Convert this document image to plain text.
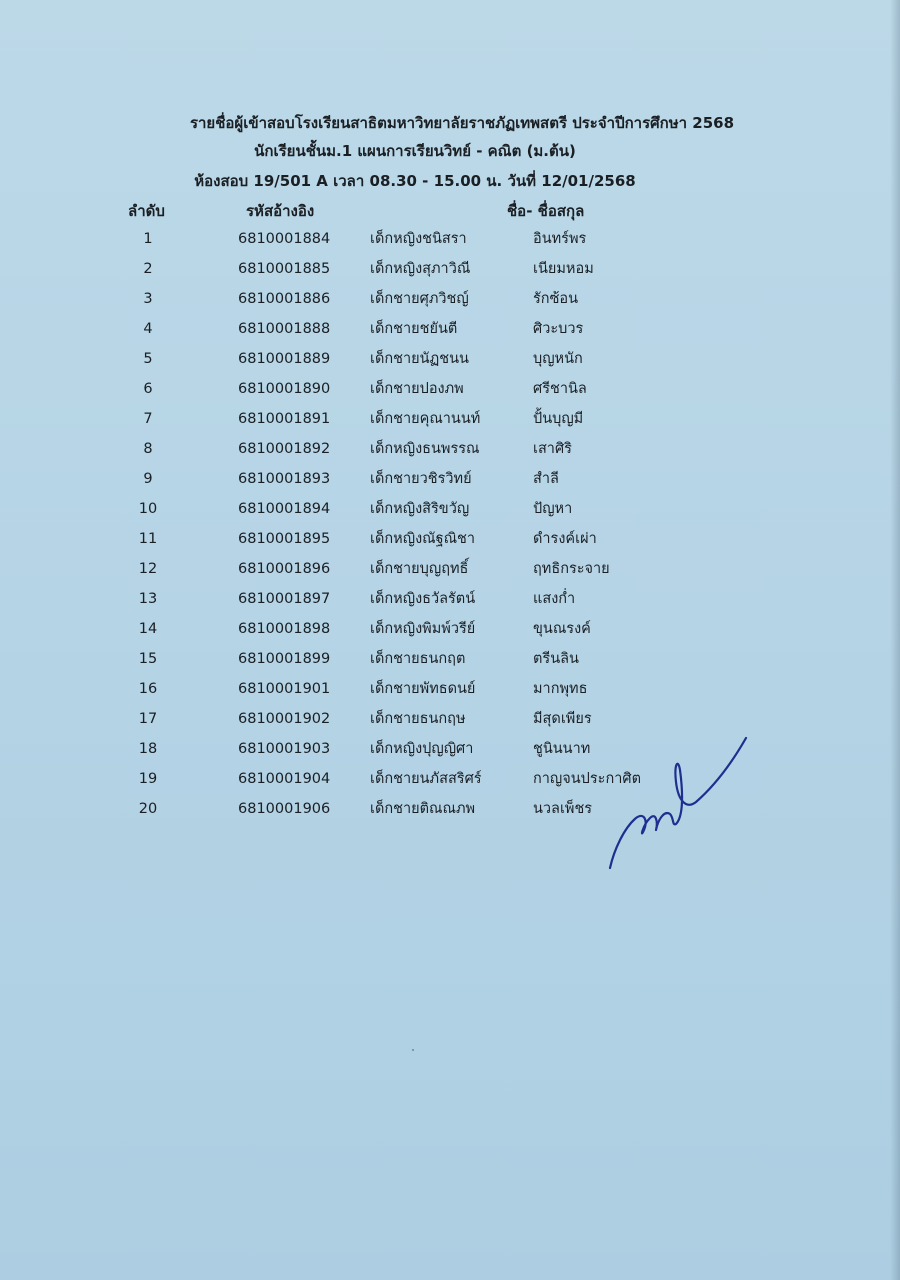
รายชื่อผู้เข้าสอบโรงเรียนสาธิตมหาวิทยาลัยราชภัฏเทพสตรี ประจำปีการศึกษา 2568
นักเรียนชั้นม.1 แผนการเรียนวิทย์ - คณิต (ม.ต้น)
ห้องสอบ 19/501 A เวลา 08.30 - 15.00 น. วันที่ 12/01/2568
ลำดับ	รหัสอ้างอิง	ชื่อ- ชื่อสกุล
1	6810001884	เด็กหญิงชนิสรา	อินทร์พร
2	6810001885	เด็กหญิงสุภาวิณี	เนียมหอม
3	6810001886	เด็กชายศุภวิชญ์	รักซ้อน
4	6810001888	เด็กชายชยันตี	ศิวะบวร
5	6810001889	เด็กชายนัฏชนน	บุญหนัก
6	6810001890	เด็กชายปองภพ	ศรีชานิล
7	6810001891	เด็กชายคุณานนท์	ปั้นบุญมี
8	6810001892	เด็กหญิงธนพรรณ	เสาศิริ
9	6810001893	เด็กชายวชิรวิทย์	สำลี
10	6810001894	เด็กหญิงสิริขวัญ	ปัญหา
11	6810001895	เด็กหญิงณัฐณิชา	ดำรงค์เผ่า
12	6810001896	เด็กชายบุญฤทธิ์	ฤทธิกระจาย
13	6810001897	เด็กหญิงธวัลรัตน์	แสงก่ำ
14	6810001898	เด็กหญิงพิมพ์วรีย์	ขุนณรงค์
15	6810001899	เด็กชายธนกฤต	ตรีนลิน
16	6810001901	เด็กชายพัทธดนย์	มากพุทธ
17	6810001902	เด็กชายธนกฤษ	มีสุดเพียร
18	6810001903	เด็กหญิงปุญญิศา	ชูนินนาท
19	6810001904	เด็กชายนภัสสริศร์	กาญจนประกาศิต
20	6810001906	เด็กชายติณณภพ	นวลเพ็ชร
